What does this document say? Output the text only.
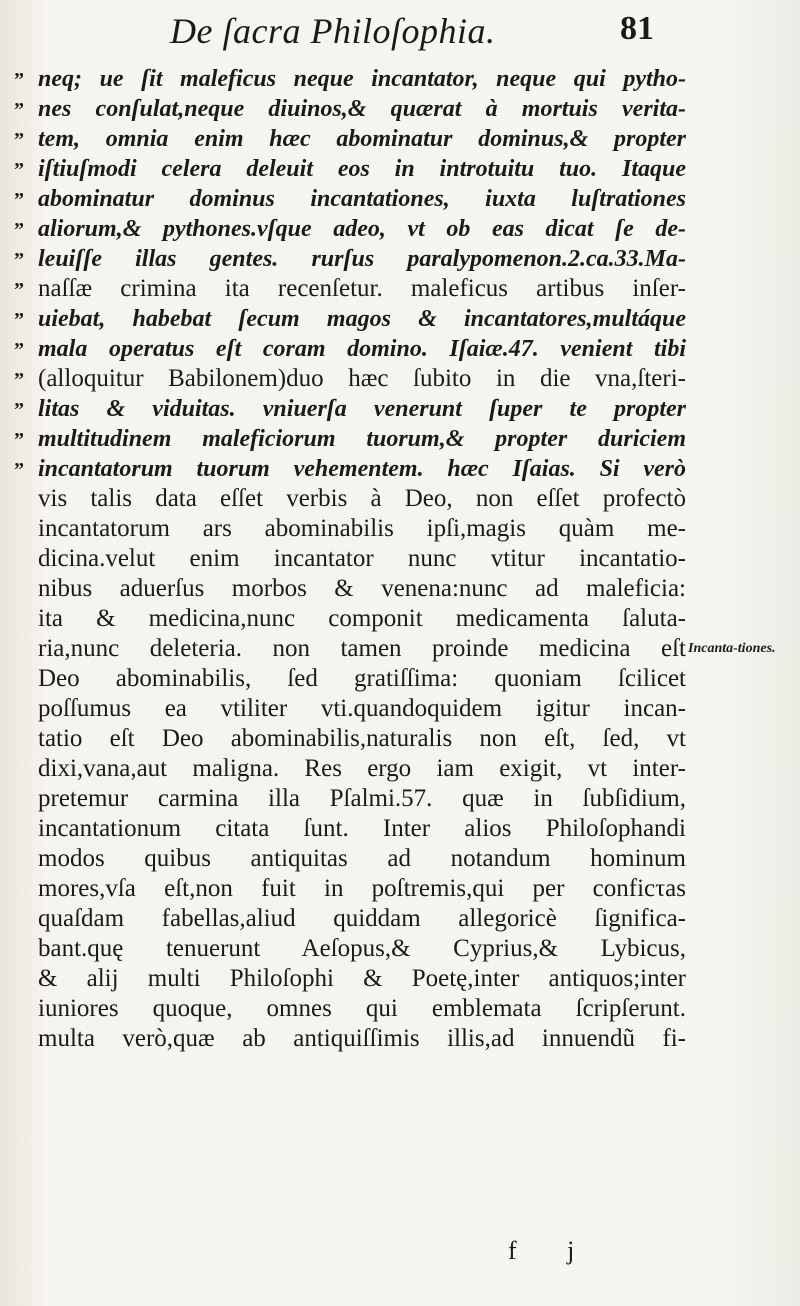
De ſacra Philoſophia.	81
” neq; ue ſit maleficus neque incantator, neque qui pytho-
” nes conſulat,neque diuinos,& quærat à mortuis verita-
” tem, omnia enim hæc abominatur dominus,& propter
” iſtiuſmodi celera deleuit eos in introtuitu tuo. Itaque
” abominatur dominus incantationes, iuxta luſtrationes
” aliorum,& pythones.vſque adeo, vt ob eas dicat ſe de-
” leuiſſe illas gentes. rurſus paralypomenon.2.ca.33.Ma-
” naſſæ crimina ita recenſetur. maleficus artibus inſer-
” uiebat, habebat ſecum magos & incantatores,multáque
” mala operatus eſt coram domino. Iſaiæ.47. venient tibi
” (alloquitur Babilonem)duo hæc ſubito in die vna,ſteri-
” litas & viduitas. vniuerſa venerunt ſuper te propter
” multitudinem maleficiorum tuorum,& propter duriciem
” incantatorum tuorum vehementem. hæc Iſaias. Si verò
vis talis data eſſet verbis à Deo, non eſſet profectò
incantatorum ars abominabilis ipſi,magis quàm me-
dicina.velut enim incantator nunc vtitur incantatio-
nibus aduerſus morbos & venena:nunc ad maleficia:
ita & medicina,nunc componit medicamenta ſaluta-
ria,nunc deleteria. non tamen proinde medicina eſt
Deo abominabilis, ſed gratiſſima: quoniam ſcilicet
poſſumus ea vtiliter vti.quandoquidem igitur incan-
tatio eſt Deo abominabilis,naturalis non eſt, ſed, vt
dixi,vana,aut maligna. Res ergo iam exigit, vt inter-
pretemur carmina illa Pſalmi.57. quæ in ſubſidium,
incantationum citata ſunt. Inter alios Philoſophandi
modos quibus antiquitas ad notandum hominum
mores,vſa eſt,non fuit in poſtremis,qui per conficτas
quaſdam fabellas,aliud quiddam allegoricè ſignifica-
bant.quę tenuerunt Aeſopus,& Cyprius,& Lybicus,
& alij multi Philoſophi & Poetę,inter antiquos;inter
iuniores quoque, omnes qui emblemata ſcripſerunt.
multa verò,quæ ab antiquiſſimis illis,ad innuendũ fi-
Incanta-tiones.
f j
